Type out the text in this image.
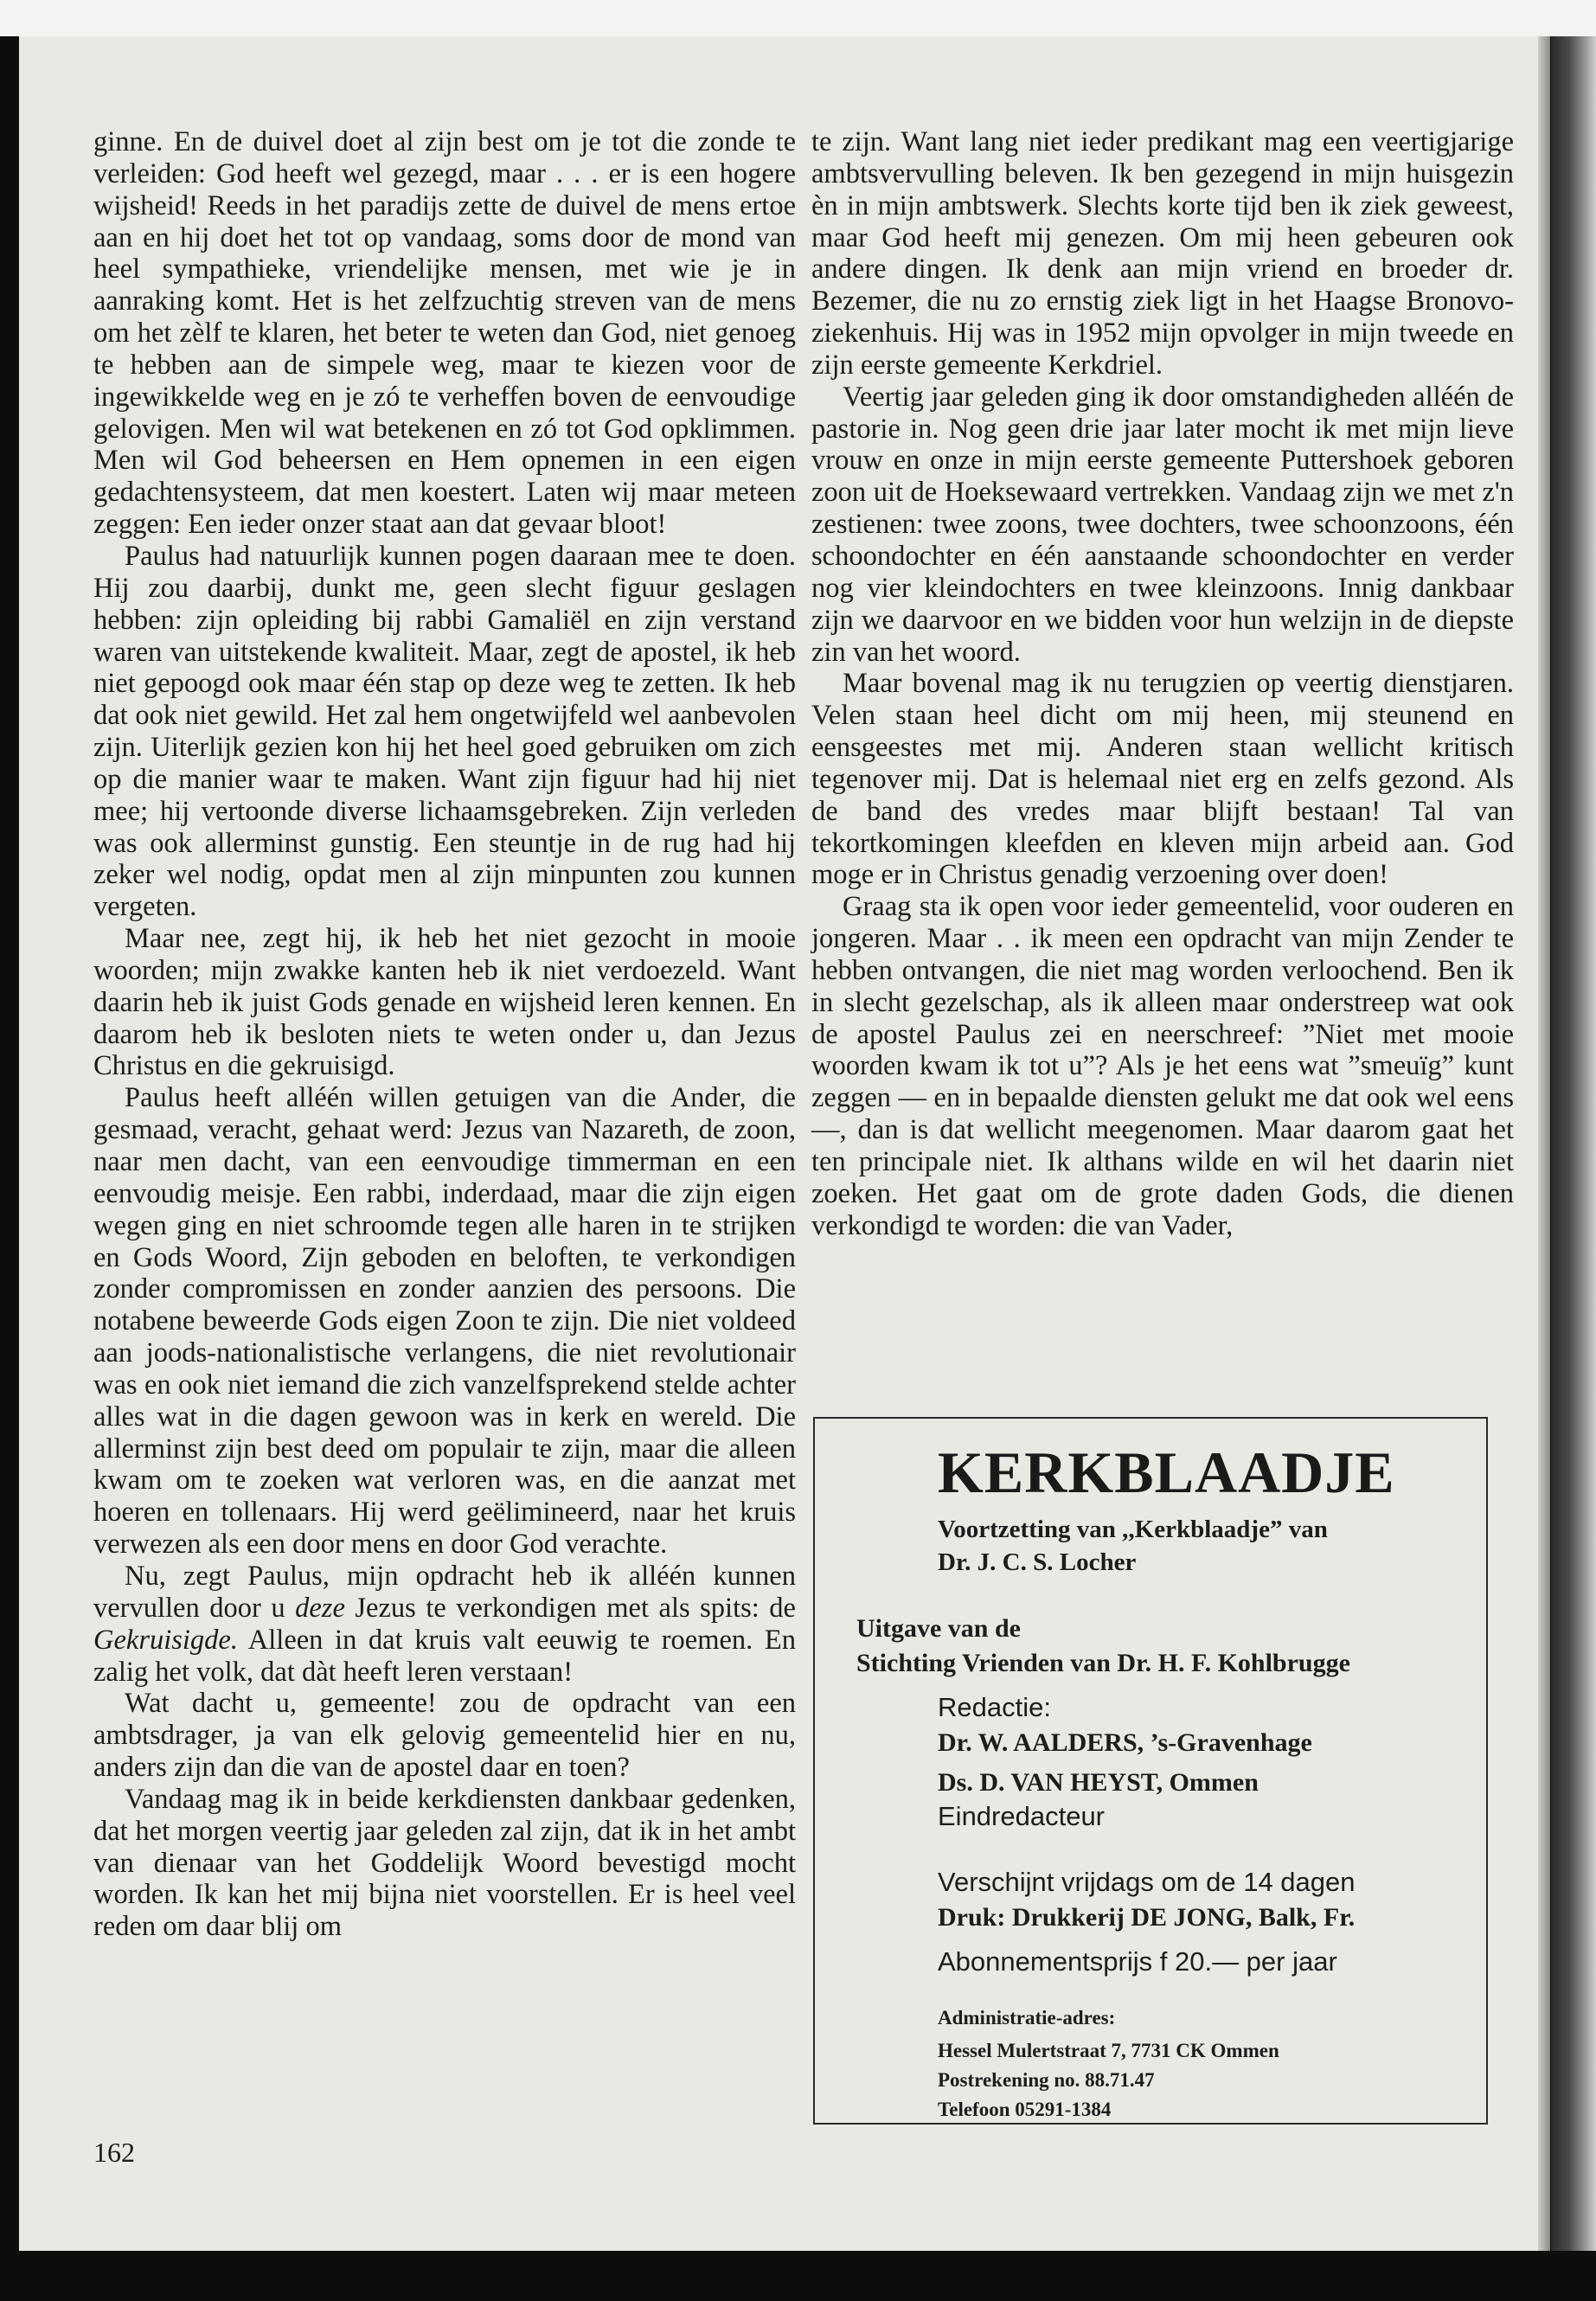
ginne. En de duivel doet al zijn best om je tot die zonde te verleiden: God heeft wel gezegd, maar . . . er is een hogere wijsheid! Reeds in het paradijs zette de duivel de mens ertoe aan en hij doet het tot op vandaag, soms door de mond van heel sympathieke, vriendelijke mensen, met wie je in aanraking komt. Het is het zelfzuchtig streven van de mens om het zèlf te klaren, het beter te weten dan God, niet genoeg te hebben aan de simpele weg, maar te kiezen voor de ingewikkelde weg en je zó te verheffen boven de eenvoudige gelovigen. Men wil wat betekenen en zó tot God opklimmen. Men wil God beheersen en Hem opnemen in een eigen gedachtensysteem, dat men koestert. Laten wij maar meteen zeggen: Een ieder onzer staat aan dat gevaar bloot!

Paulus had natuurlijk kunnen pogen daaraan mee te doen. Hij zou daarbij, dunkt me, geen slecht figuur geslagen hebben: zijn opleiding bij rabbi Gamaliël en zijn verstand waren van uitstekende kwaliteit. Maar, zegt de apostel, ik heb niet gepoogd ook maar één stap op deze weg te zetten. Ik heb dat ook niet gewild. Het zal hem ongetwijfeld wel aanbevolen zijn. Uiterlijk gezien kon hij het heel goed gebruiken om zich op die manier waar te maken. Want zijn figuur had hij niet mee; hij vertoonde diverse lichaamsgebreken. Zijn verleden was ook allerminst gunstig. Een steuntje in de rug had hij zeker wel nodig, opdat men al zijn minpunten zou kunnen vergeten.

Maar nee, zegt hij, ik heb het niet gezocht in mooie woorden; mijn zwakke kanten heb ik niet verdoezeld. Want daarin heb ik juist Gods genade en wijsheid leren kennen. En daarom heb ik besloten niets te weten onder u, dan Jezus Christus en die gekruisigd.

Paulus heeft alléén willen getuigen van die Ander, die gesmaad, veracht, gehaat werd: Jezus van Nazareth, de zoon, naar men dacht, van een eenvoudige timmerman en een eenvoudig meisje. Een rabbi, inderdaad, maar die zijn eigen wegen ging en niet schroomde tegen alle haren in te strijken en Gods Woord, Zijn geboden en beloften, te verkondigen zonder compromissen en zonder aanzien des persoons. Die notabene beweerde Gods eigen Zoon te zijn. Die niet voldeed aan joods-nationalistische verlangens, die niet revolutionair was en ook niet iemand die zich vanzelfsprekend stelde achter alles wat in die dagen gewoon was in kerk en wereld. Die allerminst zijn best deed om populair te zijn, maar die alleen kwam om te zoeken wat verloren was, en die aanzat met hoeren en tollenaars. Hij werd geëlimineerd, naar het kruis verwezen als een door mens en door God verachte.

Nu, zegt Paulus, mijn opdracht heb ik alléén kunnen vervullen door u deze Jezus te verkondigen met als spits: de Gekruisigde. Alleen in dat kruis valt eeuwig te roemen. En zalig het volk, dat dàt heeft leren verstaan!

Wat dacht u, gemeente! zou de opdracht van een ambtsdrager, ja van elk gelovig gemeentelid hier en nu, anders zijn dan die van de apostel daar en toen?

Vandaag mag ik in beide kerkdiensten dankbaar gedenken, dat het morgen veertig jaar geleden zal zijn, dat ik in het ambt van dienaar van het Goddelijk Woord bevestigd mocht worden. Ik kan het mij bijna niet voorstellen. Er is heel veel reden om daar blij om

te zijn. Want lang niet ieder predikant mag een veertigjarige ambtsvervulling beleven. Ik ben gezegend in mijn huisgezin èn in mijn ambtswerk. Slechts korte tijd ben ik ziek geweest, maar God heeft mij genezen. Om mij heen gebeuren ook andere dingen. Ik denk aan mijn vriend en broeder dr. Bezemer, die nu zo ernstig ziek ligt in het Haagse Bronovo-ziekenhuis. Hij was in 1952 mijn opvolger in mijn tweede en zijn eerste gemeente Kerkdriel.

Veertig jaar geleden ging ik door omstandigheden alléén de pastorie in. Nog geen drie jaar later mocht ik met mijn lieve vrouw en onze in mijn eerste gemeente Puttershoek geboren zoon uit de Hoeksewaard vertrekken. Vandaag zijn we met z'n zestienen: twee zoons, twee dochters, twee schoonzoons, één schoondochter en één aanstaande schoondochter en verder nog vier kleindochters en twee kleinzoons. Innig dankbaar zijn we daarvoor en we bidden voor hun welzijn in de diepste zin van het woord.

Maar bovenal mag ik nu terugzien op veertig dienstjaren. Velen staan heel dicht om mij heen, mij steunend en eensgeestes met mij. Anderen staan wellicht kritisch tegenover mij. Dat is helemaal niet erg en zelfs gezond. Als de band des vredes maar blijft bestaan! Tal van tekortkomingen kleefden en kleven mijn arbeid aan. God moge er in Christus genadig verzoening over doen!

Graag sta ik open voor ieder gemeentelid, voor ouderen en jongeren. Maar . . ik meen een opdracht van mijn Zender te hebben ontvangen, die niet mag worden verloochend. Ben ik in slecht gezelschap, als ik alleen maar onderstreep wat ook de apostel Paulus zei en neerschreef: ”Niet met mooie woorden kwam ik tot u”? Als je het eens wat ”smeuïg” kunt zeggen — en in bepaalde diensten gelukt me dat ook wel eens —, dan is dat wellicht meegenomen. Maar daarom gaat het ten principale niet. Ik althans wilde en wil het daarin niet zoeken. Het gaat om de grote daden Gods, die dienen verkondigd te worden: die van Vader,

162
KERKBLAADJE
Voortzetting van ,,Kerkblaadje” van
Dr. J. C. S. Locher
Uitgave van de
Stichting Vrienden van Dr. H. F. Kohlbrugge
Redactie:
Dr. W. AALDERS, ’s-Gravenhage
Ds. D. VAN HEYST, Ommen
Eindredacteur
Verschijnt vrijdags om de 14 dagen
Druk: Drukkerij DE JONG, Balk, Fr.
Abonnementsprijs f 20.— per jaar
Administratie-adres:
Hessel Mulertstraat 7, 7731 CK Ommen
Postrekening no. 88.71.47
Telefoon 05291-1384
